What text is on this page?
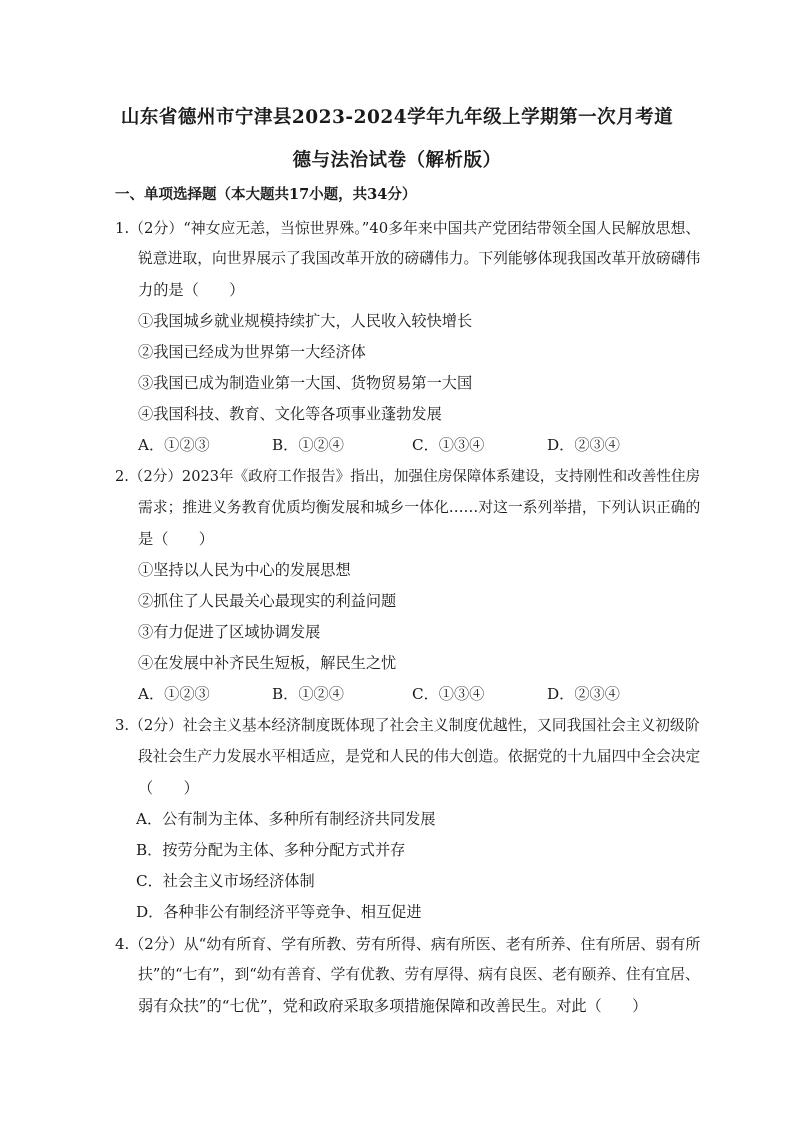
山东省德州市宁津县2023-2024学年九年级上学期第一次月考道
德与法治试卷（解析版）
一、单项选择题（本大题共17小题，共34分）
1.（2分）“神女应无恙，当惊世界殊。”40多年来中国共产党团结带领全国人民解放思想、
锐意进取，向世界展示了我国改革开放的磅礴伟力。下列能够体现我国改革开放磅礴伟
力的是（　　）
①我国城乡就业规模持续扩大，人民收入较快增长
②我国已经成为世界第一大经济体
③我国已成为制造业第一大国、货物贸易第一大国
④我国科技、教育、文化等各项事业蓬勃发展
A．①②③	B．①②④	C．①③④	D．②③④
2.（2分）2023年《政府工作报告》指出，加强住房保障体系建设，支持刚性和改善性住房
需求；推进义务教育优质均衡发展和城乡一体化……对这一系列举措，下列认识正确的
是（　　）
①坚持以人民为中心的发展思想
②抓住了人民最关心最现实的利益问题
③有力促进了区域协调发展
④在发展中补齐民生短板，解民生之忧
A．①②③	B．①②④	C．①③④	D．②③④
3.（2分）社会主义基本经济制度既体现了社会主义制度优越性，又同我国社会主义初级阶
段社会生产力发展水平相适应，是党和人民的伟大创造。依据党的十九届四中全会决定
（　　）
A．公有制为主体、多种所有制经济共同发展
B．按劳分配为主体、多种分配方式并存
C．社会主义市场经济体制
D．各种非公有制经济平等竞争、相互促进
4.（2分）从“幼有所育、学有所教、劳有所得、病有所医、老有所养、住有所居、弱有所
扶”的“七有”，到“幼有善育、学有优教、劳有厚得、病有良医、老有颐养、住有宜居、
弱有众扶”的“七优”，党和政府采取多项措施保障和改善民生。对此（　　）
